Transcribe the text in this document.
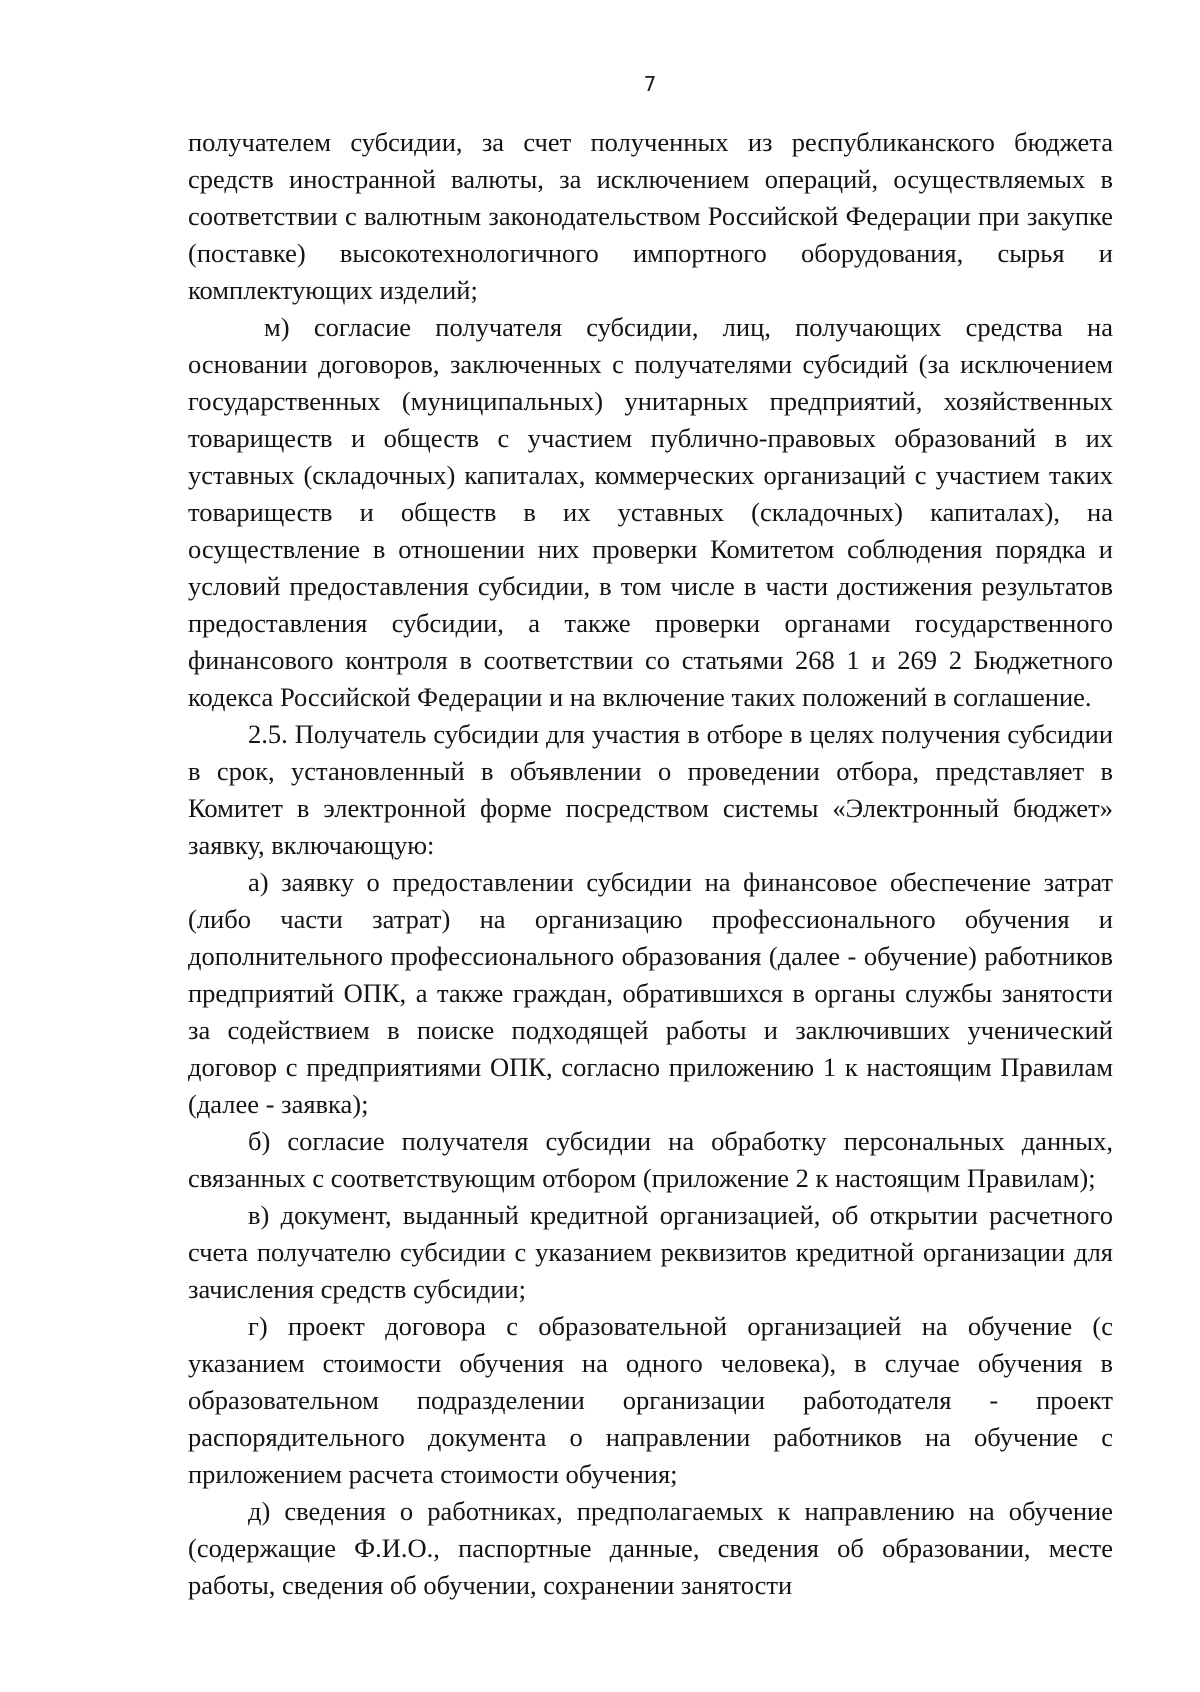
7

получателем субсидии, за счет полученных из республиканского бюджета средств иностранной валюты, за исключением операций, осуществляемых в соответствии с валютным законодательством Российской Федерации при закупке (поставке) высокотехнологичного импортного оборудования, сырья и комплектующих изделий;

м) согласие получателя субсидии, лиц, получающих средства на основании договоров, заключенных с получателями субсидий (за исключением государственных (муниципальных) унитарных предприятий, хозяйственных товариществ и обществ с участием публично-правовых образований в их уставных (складочных) капиталах, коммерческих организаций с участием таких товариществ и обществ в их уставных (складочных) капиталах), на осуществление в отношении них проверки Комитетом соблюдения порядка и условий предоставления субсидии, в том числе в части достижения результатов предоставления субсидии, а также проверки органами государственного финансового контроля в соответствии со статьями 268 1 и 269 2 Бюджетного кодекса Российской Федерации и на включение таких положений в соглашение.

2.5. Получатель субсидии для участия в отборе в целях получения субсидии в срок, установленный в объявлении о проведении отбора, представляет в Комитет в электронной форме посредством системы «Электронный бюджет» заявку, включающую:

а) заявку о предоставлении субсидии на финансовое обеспечение затрат (либо части затрат) на организацию профессионального обучения и дополнительного профессионального образования (далее - обучение) работников предприятий ОПК, а также граждан, обратившихся в органы службы занятости за содействием в поиске подходящей работы и заключивших ученический договор с предприятиями ОПК, согласно приложению 1 к настоящим Правилам (далее - заявка);

б) согласие получателя субсидии на обработку персональных данных, связанных с соответствующим отбором (приложение 2 к настоящим Правилам);

в) документ, выданный кредитной организацией, об открытии расчетного счета получателю субсидии с указанием реквизитов кредитной организации для зачисления средств субсидии;

г) проект договора с образовательной организацией на обучение (с указанием стоимости обучения на одного человека), в случае обучения в образовательном подразделении организации работодателя - проект распорядительного документа о направлении работников на обучение с приложением расчета стоимости обучения;

д) сведения о работниках, предполагаемых к направлению на обучение (содержащие Ф.И.О., паспортные данные, сведения об образовании, месте работы, сведения об обучении, сохранении занятости
